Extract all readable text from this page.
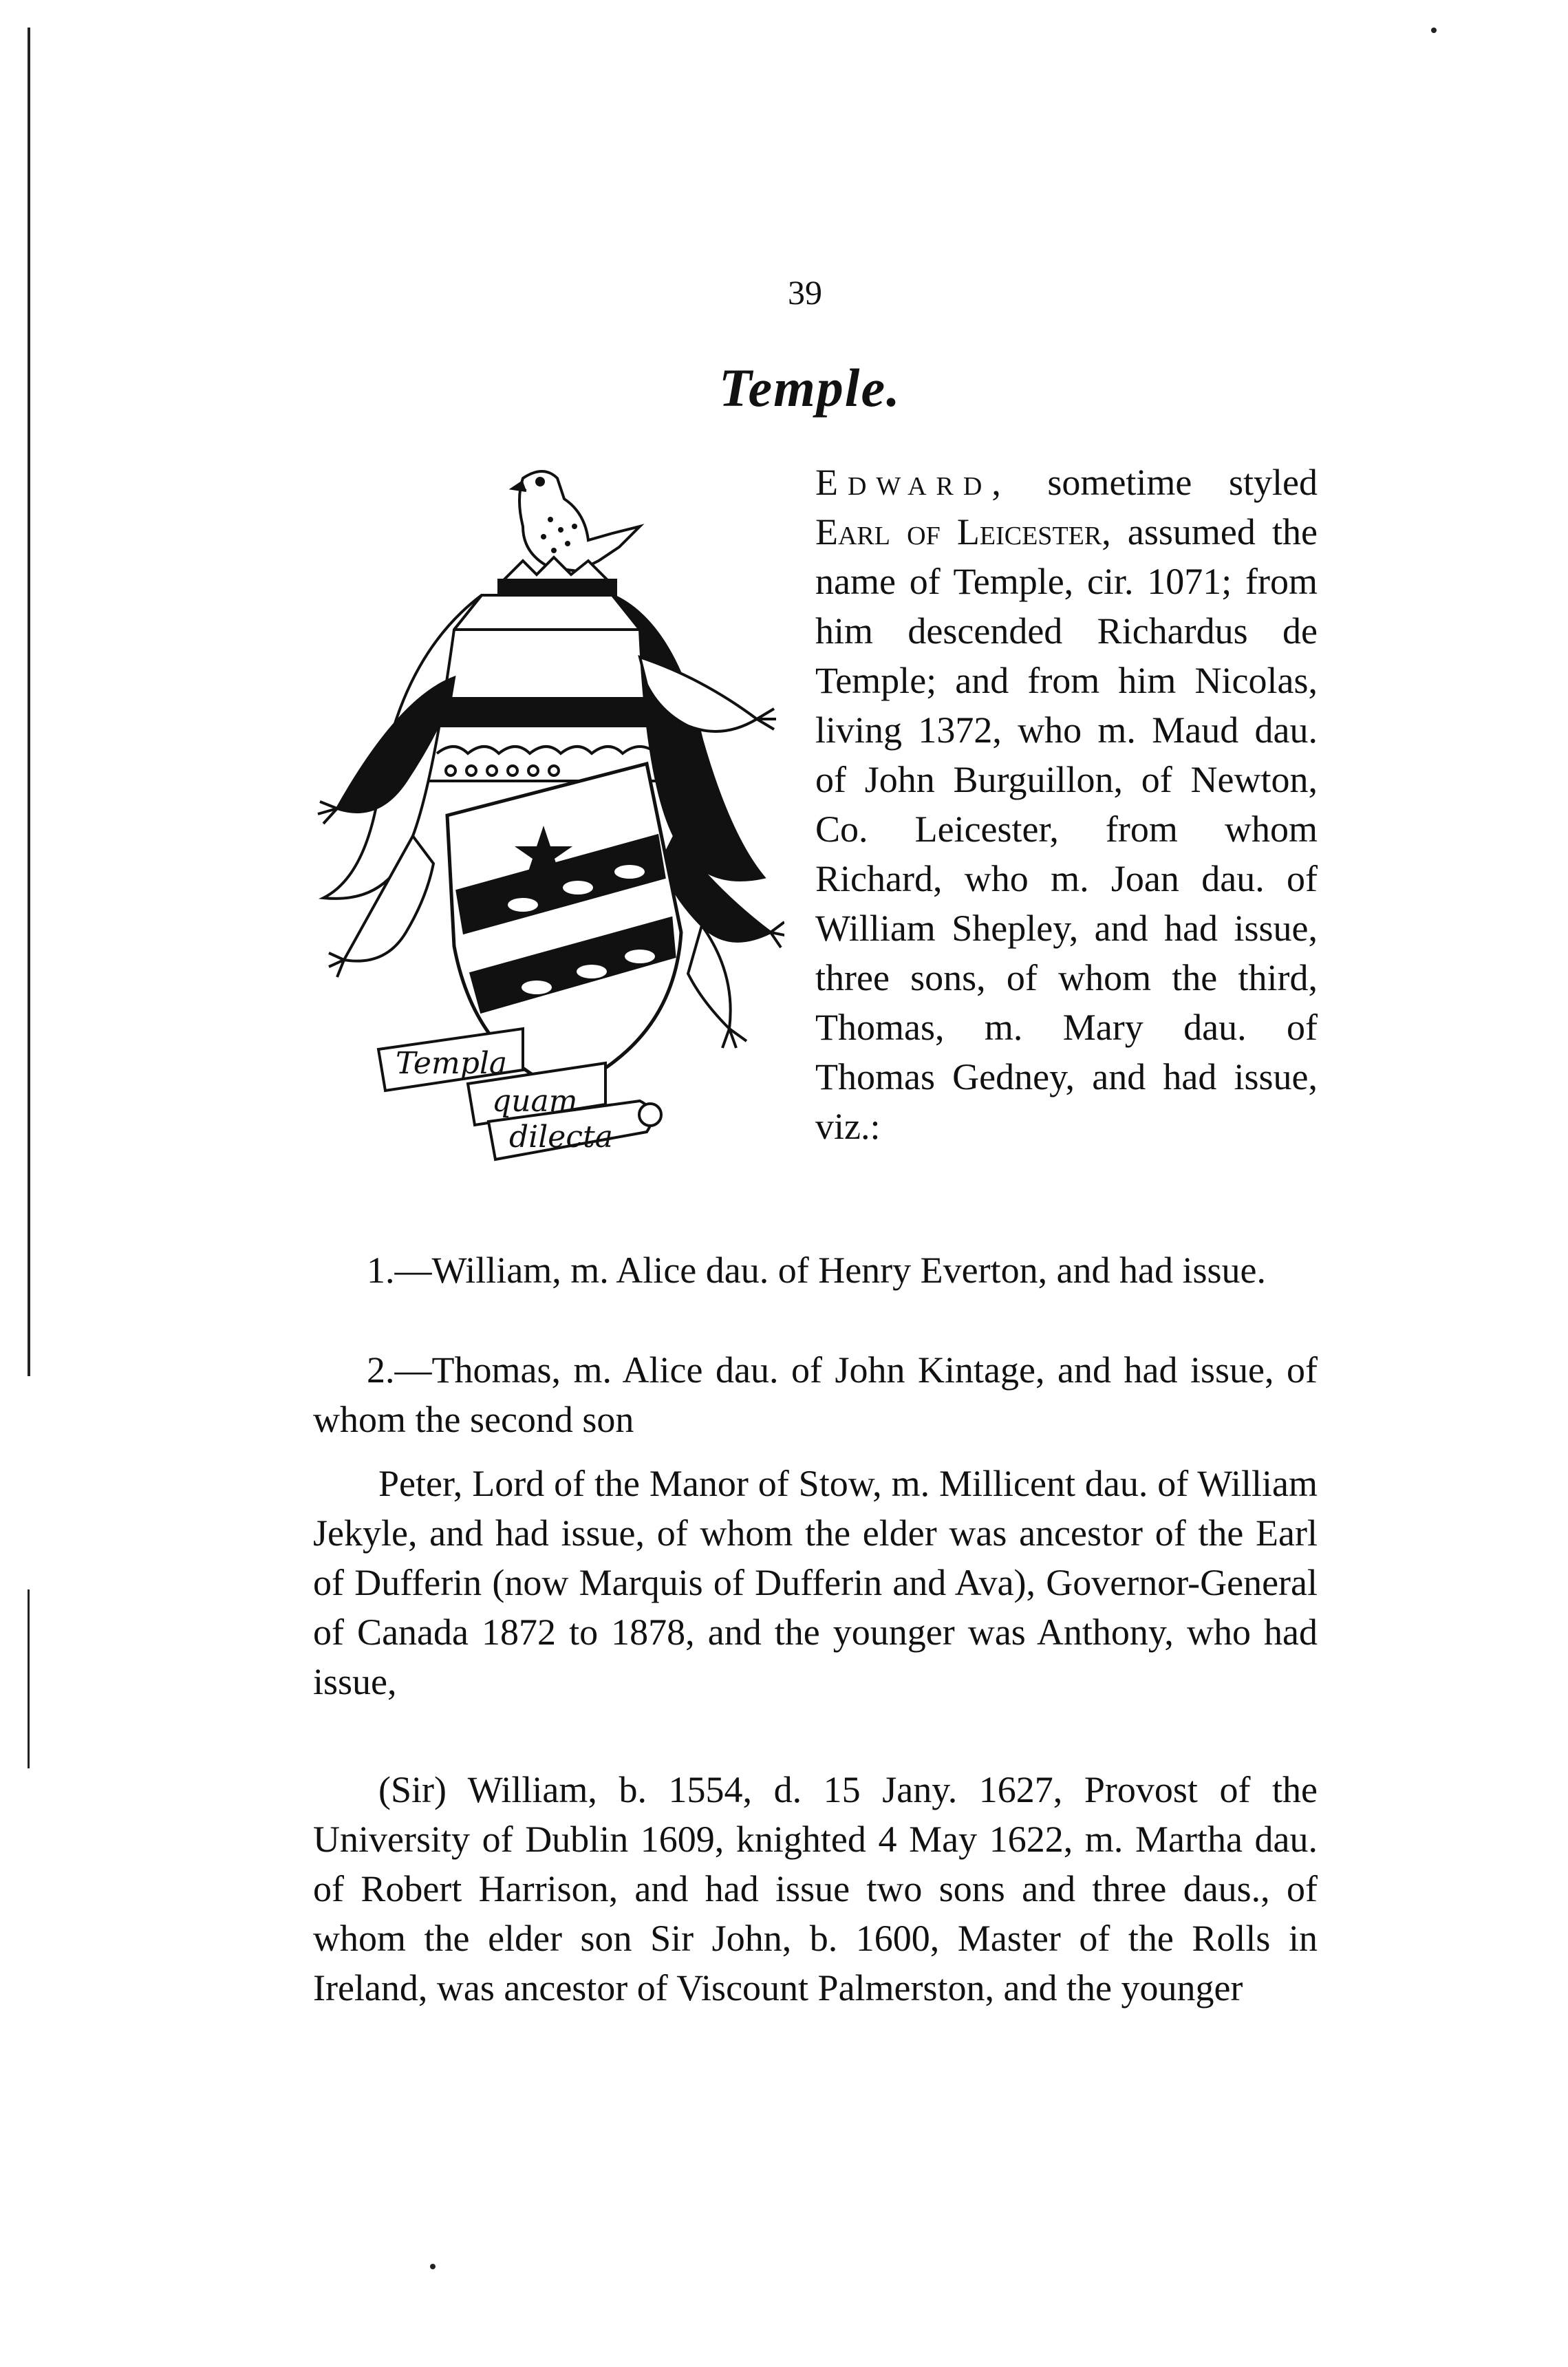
39
Temple.
Templa
quam
dilecta

Edward, sometime styled Earl of Leicester, assumed the name of Temple, cir. 1071; from him descended Richardus de Temple; and from him Nicolas, living 1372, who m. Maud dau. of John Burguillon, of Newton, Co. Leicester, from whom Richard, who m. Joan dau. of William Shepley, and had issue, three sons, of whom the third, Thomas, m. Mary dau. of Thomas Gedney, and had issue, viz.:

1.—William, m. Alice dau. of Henry Everton, and had issue.

2.—Thomas, m. Alice dau. of John Kintage, and had issue, of whom the second son

Peter, Lord of the Manor of Stow, m. Millicent dau. of William Jekyle, and had issue, of whom the elder was ancestor of the Earl of Dufferin (now Marquis of Dufferin and Ava), Governor-General of Canada 1872 to 1878, and the younger was Anthony, who had issue,

(Sir) William, b. 1554, d. 15 Jany. 1627, Provost of the University of Dublin 1609, knighted 4 May 1622, m. Martha dau. of Robert Harrison, and had issue two sons and three daus., of whom the elder son Sir John, b. 1600, Master of the Rolls in Ireland, was ancestor of Viscount Palmerston, and the younger
